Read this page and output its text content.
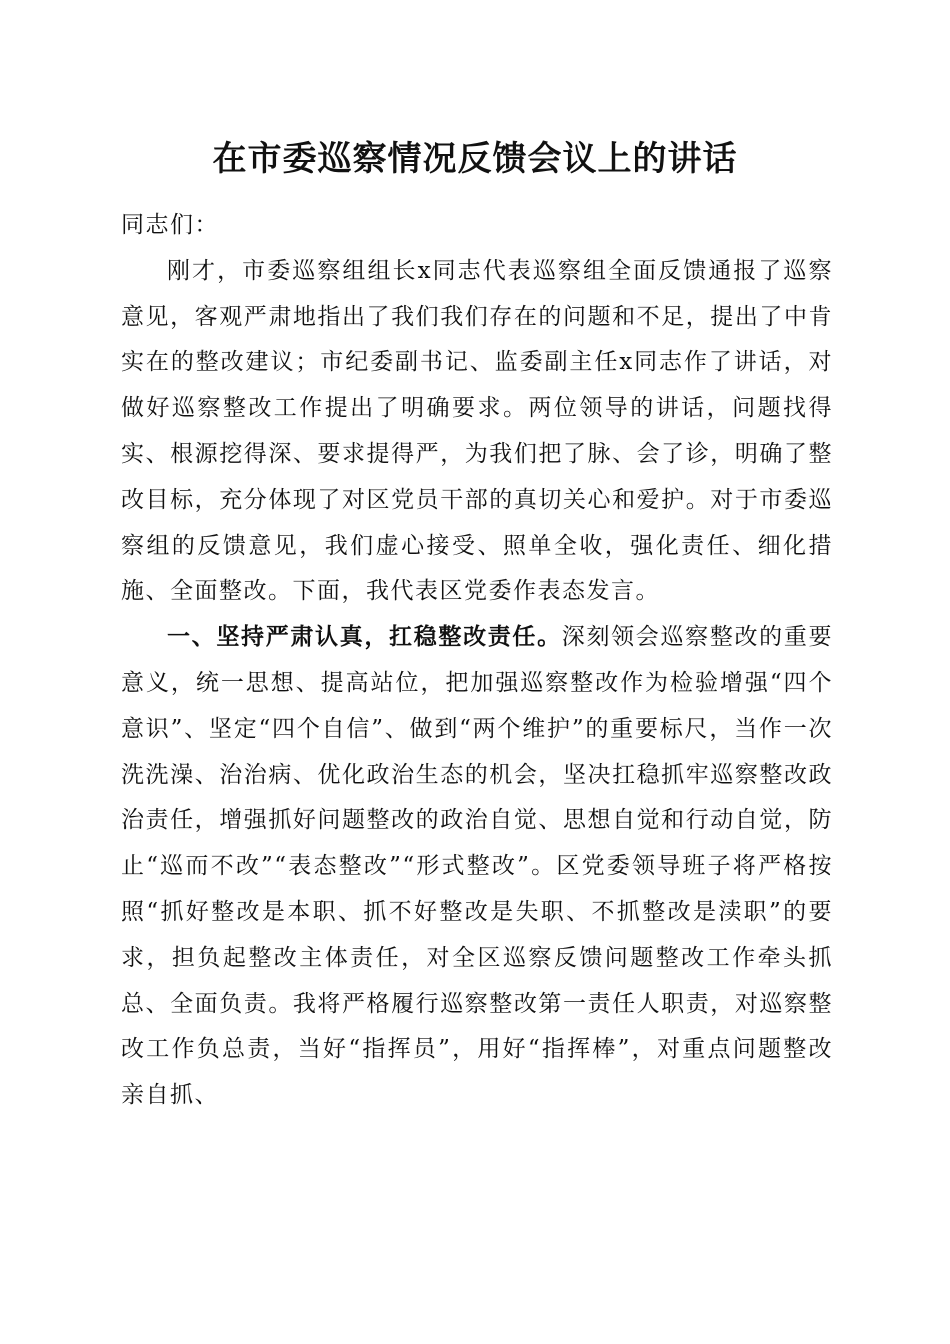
在市委巡察情况反馈会议上的讲话

同志们：

刚才，市委巡察组组长x同志代表巡察组全面反馈通报了巡察意见，客观严肃地指出了我们我们存在的问题和不足，提出了中肯实在的整改建议；市纪委副书记、监委副主任x同志作了讲话，对做好巡察整改工作提出了明确要求。两位领导的讲话，问题找得实、根源挖得深、要求提得严，为我们把了脉、会了诊，明确了整改目标，充分体现了对区党员干部的真切关心和爱护。对于市委巡察组的反馈意见，我们虚心接受、照单全收，强化责任、细化措施、全面整改。下面，我代表区党委作表态发言。

一、坚持严肃认真，扛稳整改责任。深刻领会巡察整改的重要意义，统一思想、提高站位，把加强巡察整改作为检验增强“四个意识”、坚定“四个自信”、做到“两个维护”的重要标尺，当作一次洗洗澡、治治病、优化政治生态的机会，坚决扛稳抓牢巡察整改政治责任，增强抓好问题整改的政治自觉、思想自觉和行动自觉，防止“巡而不改”“表态整改”“形式整改”。区党委领导班子将严格按照“抓好整改是本职、抓不好整改是失职、不抓整改是渎职”的要求，担负起整改主体责任，对全区巡察反馈问题整改工作牵头抓总、全面负责。我将严格履行巡察整改第一责任人职责，对巡察整改工作负总责，当好“指挥员”，用好“指挥棒”，对重点问题整改亲自抓、
